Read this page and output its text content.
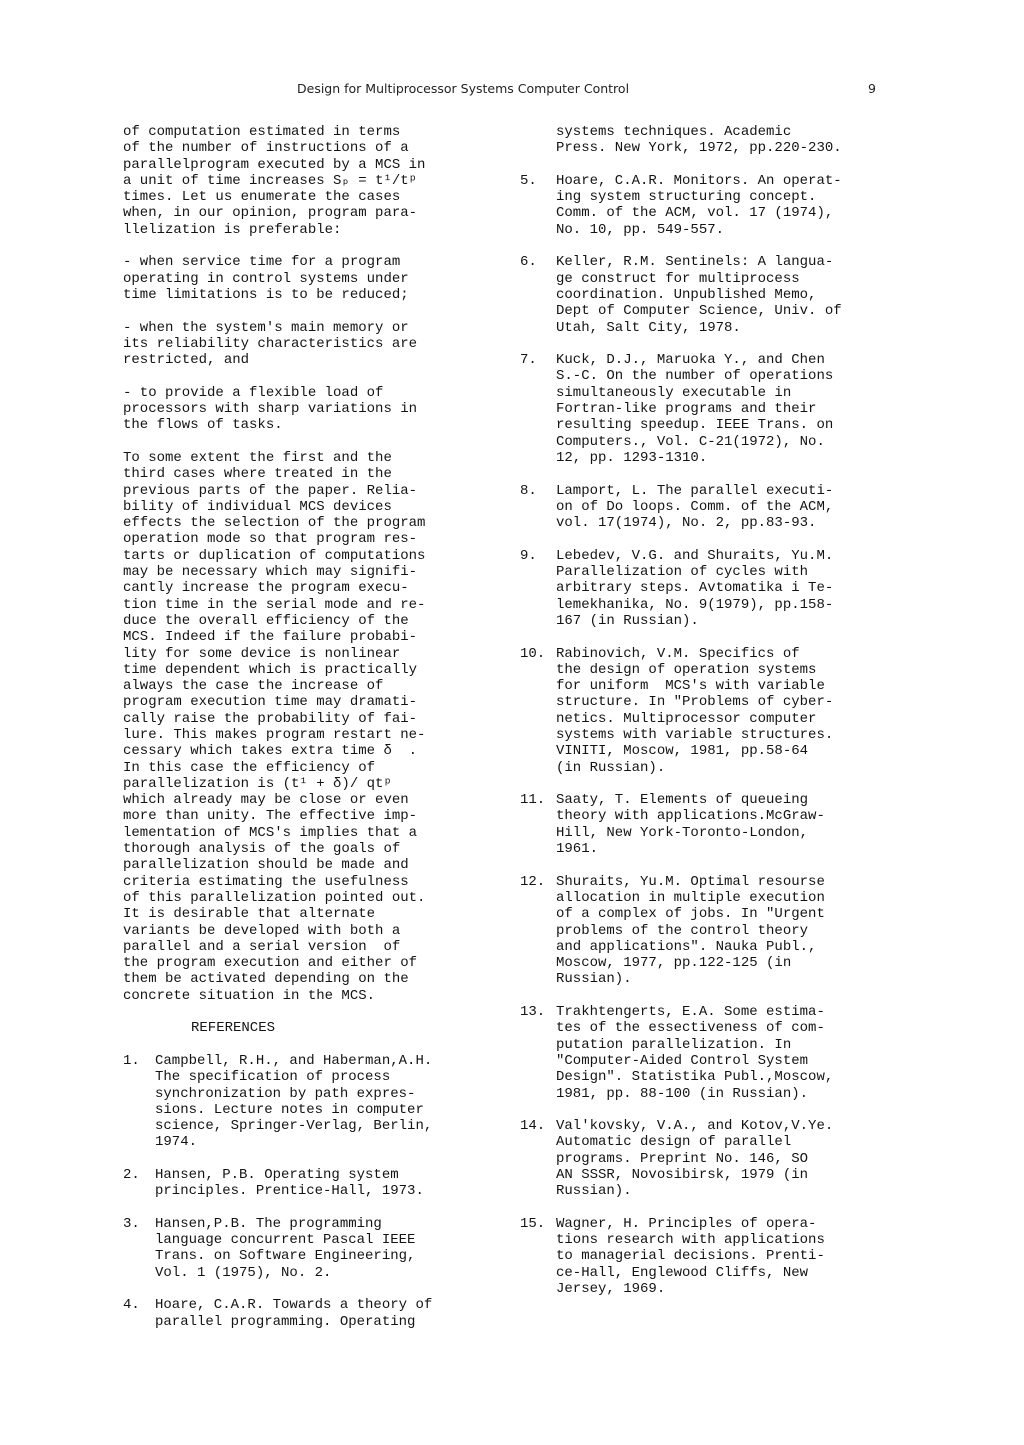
Design for Multiprocessor Systems Computer Control	9
of computation estimated in terms
of the number of instructions of a
parallelprogram executed by a MCS in
a unit of time increases Sₚ = t¹/tᵖ
times. Let us enumerate the cases
when, in our opinion, program para-
llelization is preferable:
- when service time for a program
operating in control systems under
time limitations is to be reduced;
- when the system's main memory or
its reliability characteristics are
restricted, and
- to provide a flexible load of
processors with sharp variations in
the flows of tasks.
To some extent the first and the
third cases where treated in the
previous parts of the paper. Relia-
bility of individual MCS devices
effects the selection of the program
operation mode so that program res-
tarts or duplication of computations
may be necessary which may signifi-
cantly increase the program execu-
tion time in the serial mode and re-
duce the overall efficiency of the
MCS. Indeed if the failure probabi-
lity for some device is nonlinear
time dependent which is practically
always the case the increase of
program execution time may dramati-
cally raise the probability of fai-
lure. This makes program restart ne-
cessary which takes extra time δ  .
In this case the efficiency of
parallelization is (t¹ + δ)/ qtᵖ
which already may be close or even
more than unity. The effective imp-
lementation of MCS's implies that a
thorough analysis of the goals of
parallelization should be made and
criteria estimating the usefulness
of this parallelization pointed out.
It is desirable that alternate
variants be developed with both a
parallel and a serial version  of
the program execution and either of
them be activated depending on the
concrete situation in the MCS.
REFERENCES
1.	Campbell, R.H., and Haberman,A.H.
The specification of process
synchronization by path expres-
sions. Lecture notes in computer
science, Springer-Verlag, Berlin,
1974.
2.	Hansen, P.B. Operating system
principles. Prentice-Hall, 1973.
3.	Hansen,P.B. The programming
language concurrent Pascal IEEE
Trans. on Software Engineering,
Vol. 1 (1975), No. 2.
4.	Hoare, C.A.R. Towards a theory of
parallel programming. Operating
systems techniques. Academic
Press. New York, 1972, pp.220-230.
5.	Hoare, C.A.R. Monitors. An operat-
ing system structuring concept.
Comm. of the ACM, vol. 17 (1974),
No. 10, pp. 549-557.
6.	Keller, R.M. Sentinels: A langua-
ge construct for multiprocess
coordination. Unpublished Memo,
Dept of Computer Science, Univ. of
Utah, Salt City, 1978.
7.	Kuck, D.J., Maruoka Y., and Chen
S.-C. On the number of operations
simultaneously executable in
Fortran-like programs and their
resulting speedup. IEEE Trans. on
Computers., Vol. C-21(1972), No.
12, pp. 1293-1310.
8.	Lamport, L. The parallel executi-
on of Do loops. Comm. of the ACM,
vol. 17(1974), No. 2, pp.83-93.
9.	Lebedev, V.G. and Shuraits, Yu.M.
Parallelization of cycles with
arbitrary steps. Avtomatika i Te-
lemekhanika, No. 9(1979), pp.158-
167 (in Russian).
10. Rabinovich, V.M. Specifics of
the design of operation systems
for uniform  MCS's with variable
structure. In "Problems of cyber-
netics. Multiprocessor computer
systems with variable structures.
VINITI, Moscow, 1981, pp.58-64
(in Russian).
11. Saaty, T. Elements of queueing
theory with applications.McGraw-
Hill, New York-Toronto-London,
1961.
12. Shuraits, Yu.M. Optimal resourse
allocation in multiple execution
of a complex of jobs. In "Urgent
problems of the control theory
and applications". Nauka Publ.,
Moscow, 1977, pp.122-125 (in
Russian).
13. Trakhtengerts, E.A. Some estima-
tes of the essectiveness of com-
putation parallelization. In
"Computer-Aided Control System
Design". Statistika Publ.,Moscow,
1981, pp. 88-100 (in Russian).
14. Val'kovsky, V.A., and Kotov,V.Ye.
Automatic design of parallel
programs. Preprint No. 146, SO
AN SSSR, Novosibirsk, 1979 (in
Russian).
15. Wagner, H. Principles of opera-
tions research with applications
to managerial decisions. Prenti-
ce-Hall, Englewood Cliffs, New
Jersey, 1969.
